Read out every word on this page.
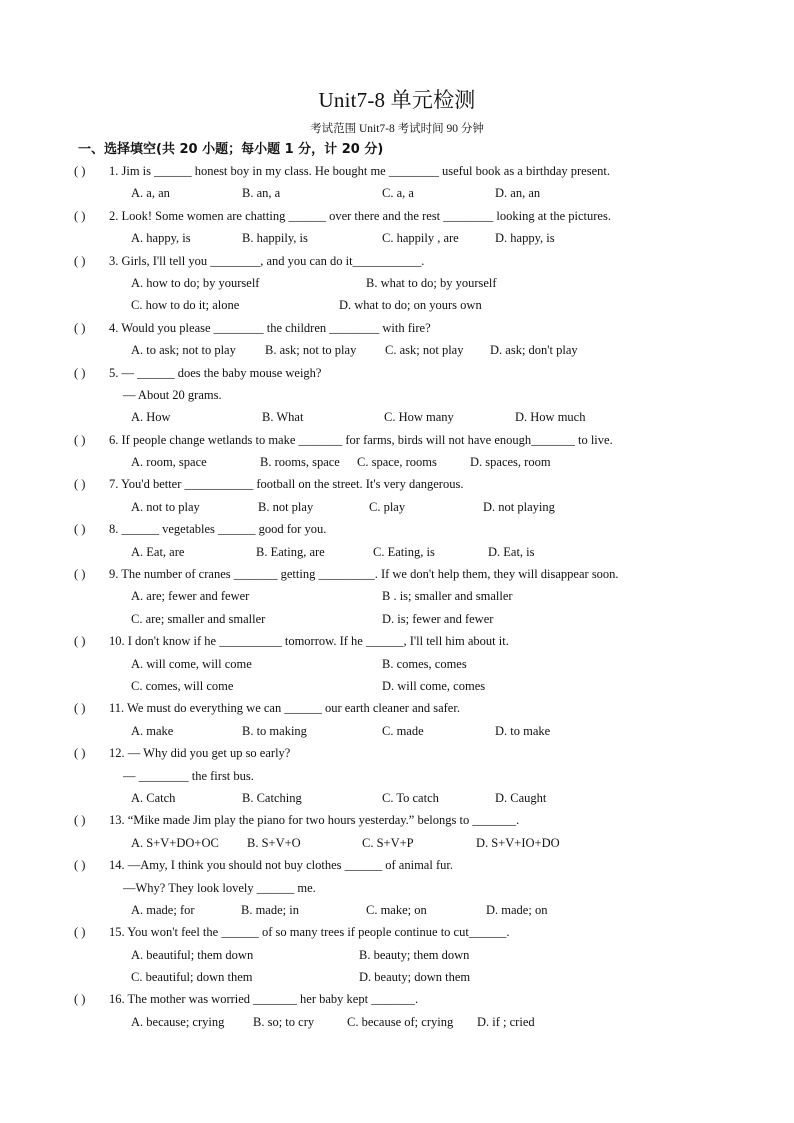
Unit7-8 单元检测
考试范围 Unit7-8 考试时间 90 分钟
一、选择填空(共 20 小题；每小题 1 分，计 20 分)
( ) 1. Jim is ______ honest boy in my class. He bought me ________ useful book as a birthday present.
A. a, an	B. an, a	C. a, a	D. an, an
( ) 2. Look! Some women are chatting ______ over there and the rest ________ looking at the pictures.
A. happy, is	B. happily, is	C. happily , are	D. happy, is
( ) 3. Girls, I'll tell you ________, and you can do it___________.
A. how to do; by yourself	B. what to do; by yourself
C. how to do it; alone	D. what to do; on yours own
( ) 4. Would you please ________ the children ________ with fire?
A. to ask; not to play B. ask; not to play C. ask; not play D. ask; don't play
( ) 5. — ______ does the baby mouse weigh?
— About 20 grams.
A. How	B. What	C. How many	D. How much
( ) 6. If people change wetlands to make _______ for farms, birds will not have enough_______ to live.
A. room, space	B. rooms, space C. space, rooms	D. spaces, room
( ) 7. You'd better ___________ football on the street. It's very dangerous.
A. not to play	B. not play	C. play	D. not playing
( ) 8. ______ vegetables ______ good for you.
A. Eat, are	B. Eating, are	C. Eating, is	D. Eat, is
( ) 9. The number of cranes _______ getting _________. If we don't help them, they will disappear soon.
A. are; fewer and fewer	B . is; smaller and smaller
C. are; smaller and smaller	D. is; fewer and fewer
( ) 10. I don't know if he __________ tomorrow. If he ______, I'll tell him about it.
A. will come, will come	B. comes, comes
C. comes, will come	D. will come, comes
( ) 11. We must do everything we can ______ our earth cleaner and safer.
A. make	B. to making	C. made	D. to make
( ) 12. — Why did you get up so early?
— ________ the first bus.
A. Catch	B. Catching	C. To catch	D. Caught
( ) 13. “Mike made Jim play the piano for two hours yesterday.” belongs to _______.
A. S+V+DO+OC B. S+V+O	C. S+V+P	D. S+V+IO+DO
( ) 14. —Amy, I think you should not buy clothes ______ of animal fur.
—Why? They look lovely ______ me.
A. made; for	B. made; in	C. make; on	D. made; on
( ) 15. You won't feel the ______ of so many trees if people continue to cut______.
A. beautiful; them down	B. beauty; them down
C. beautiful; down them	D. beauty; down them
( ) 16. The mother was worried _______ her baby kept _______.
A. because; crying B. so; to cry	C. because of; crying D. if ; cried
